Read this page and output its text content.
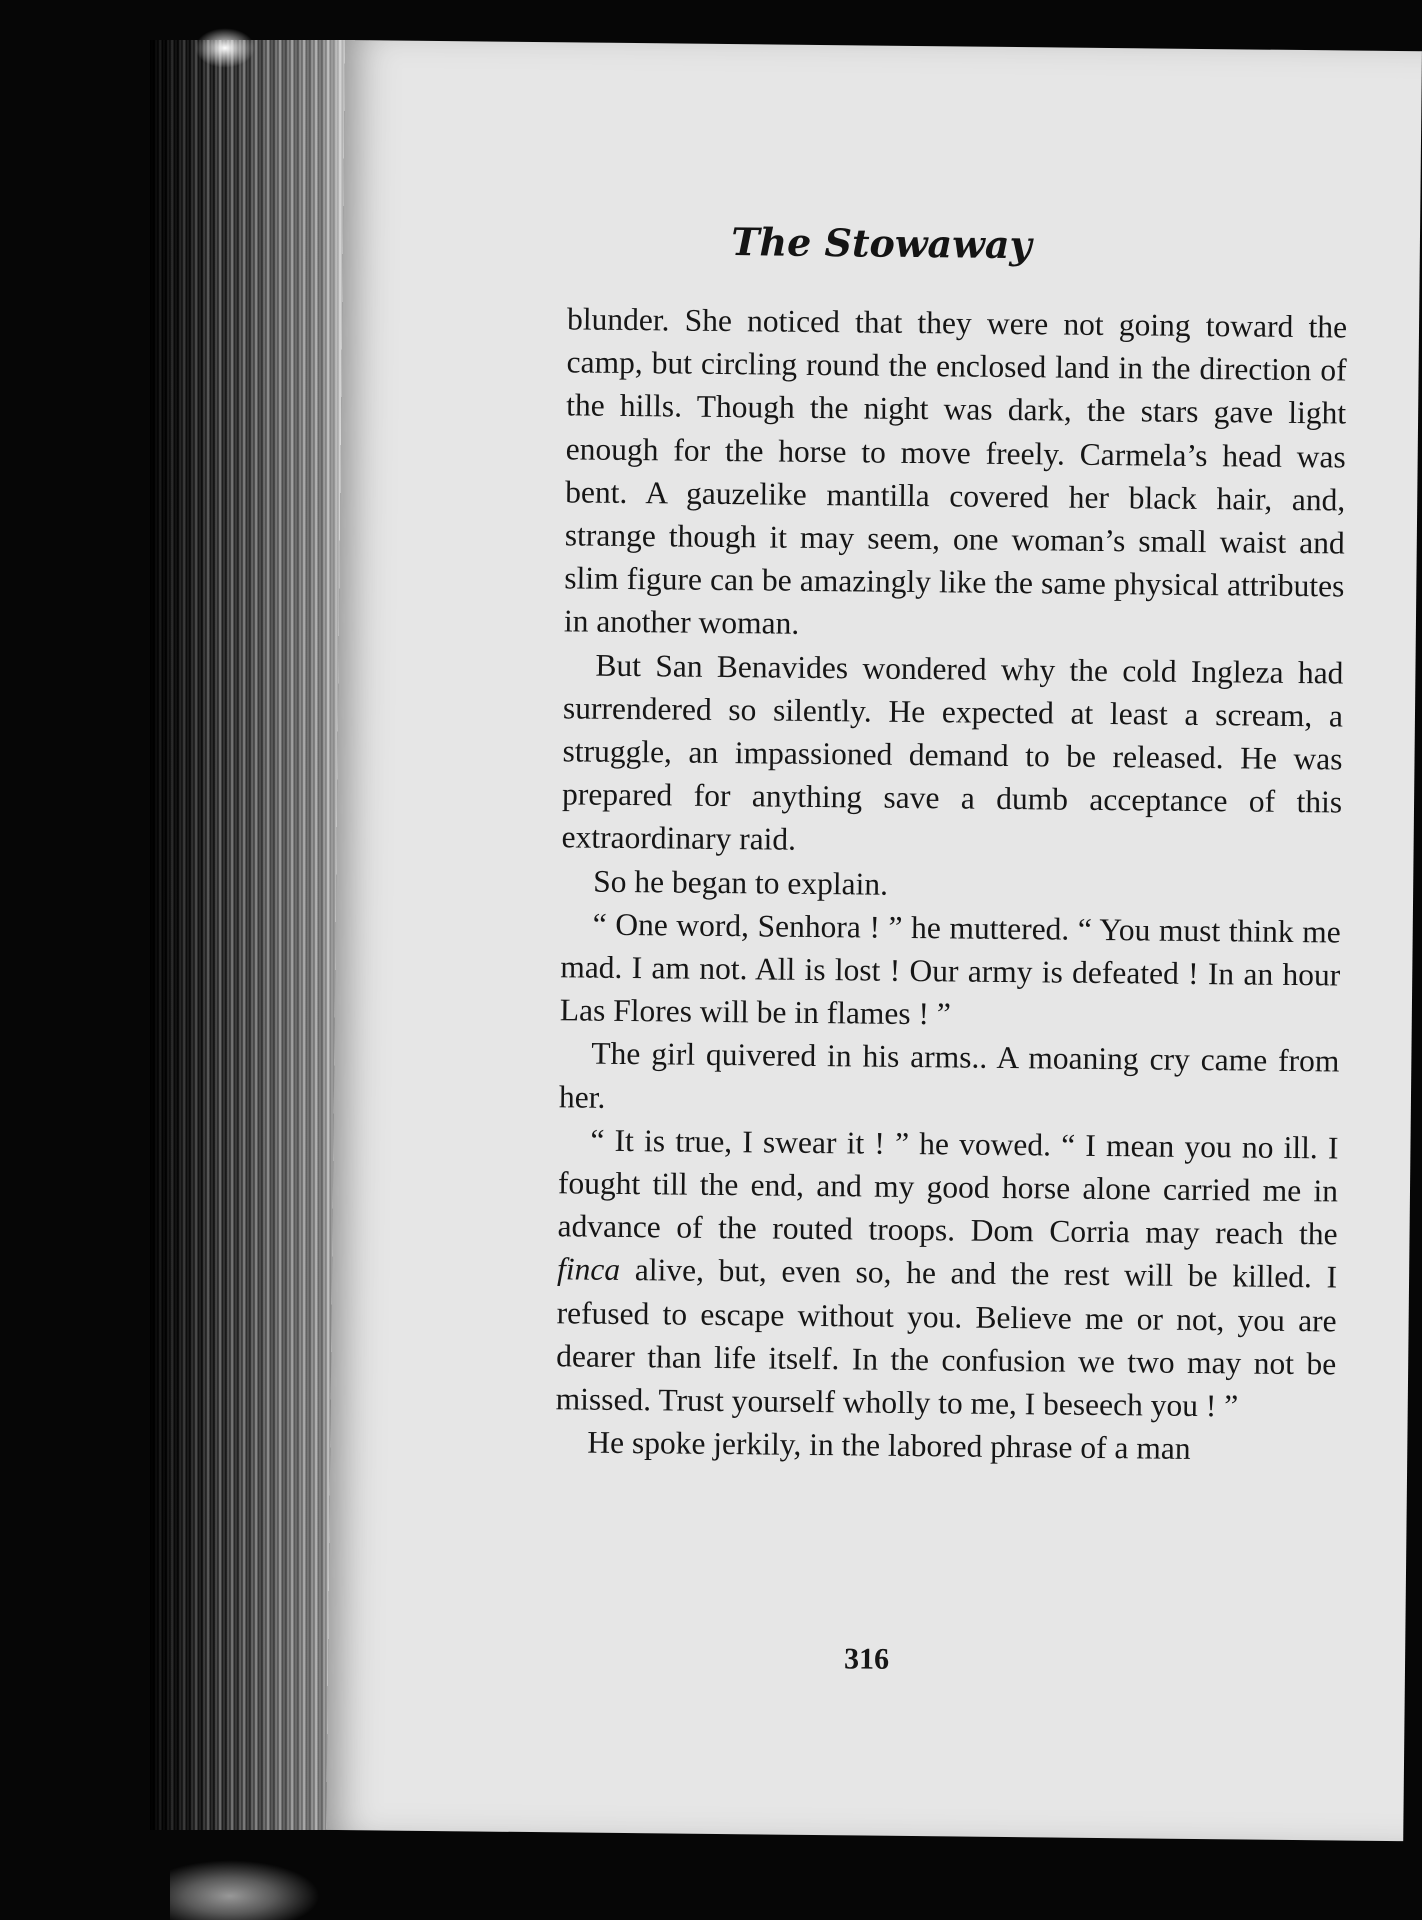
The Stowaway

blunder. She noticed that they were not going toward the camp, but circling round the enclosed land in the direction of the hills. Though the night was dark, the stars gave light enough for the horse to move freely. Carmela’s head was bent. A gauzelike mantilla covered her black hair, and, strange though it may seem, one woman’s small waist and slim figure can be amazingly like the same physical attributes in another woman.

But San Benavides wondered why the cold Ingleza had surrendered so silently. He expected at least a scream, a struggle, an impassioned demand to be released. He was prepared for anything save a dumb acceptance of this extraordinary raid.

So he began to explain.

“ One word, Senhora ! ” he muttered. “ You must think me mad. I am not. All is lost ! Our army is defeated ! In an hour Las Flores will be in flames ! ”

The girl quivered in his arms.. A moaning cry came from her.

“ It is true, I swear it ! ” he vowed. “ I mean you no ill. I fought till the end, and my good horse alone carried me in advance of the routed troops. Dom Corria may reach the finca alive, but, even so, he and the rest will be killed. I refused to escape without you. Believe me or not, you are dearer than life itself. In the confusion we two may not be missed. Trust yourself wholly to me, I beseech you ! ”

He spoke jerkily, in the labored phrase of a man

316
